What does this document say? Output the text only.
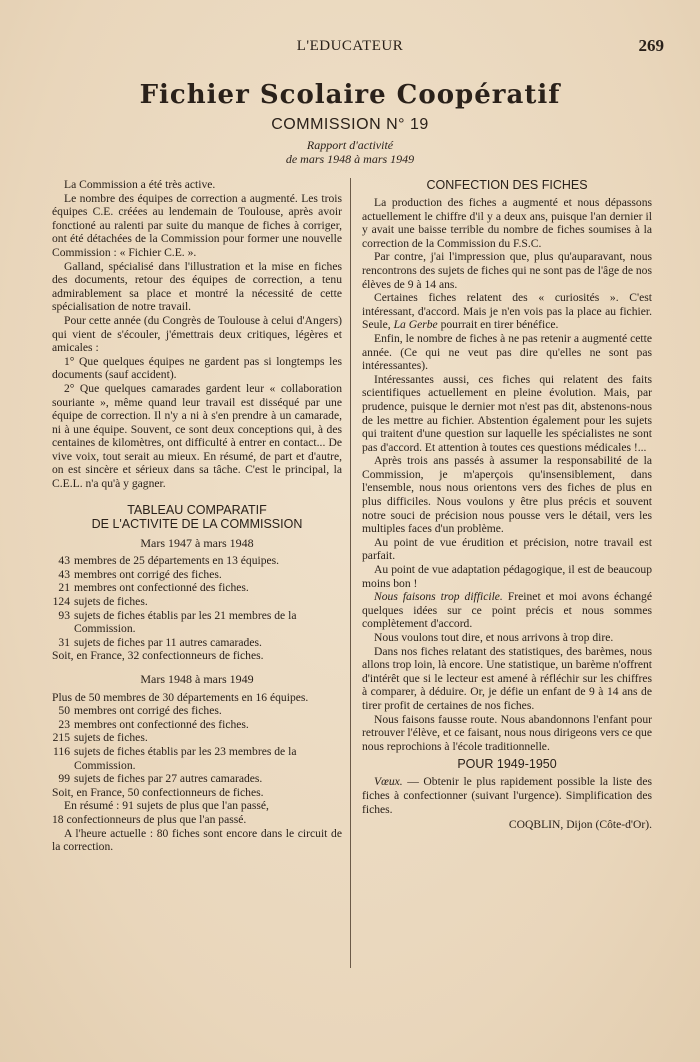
L'EDUCATEUR	269
Fichier Scolaire Coopératif
COMMISSION N° 19
Rapport d'activité
de mars 1948 à mars 1949

La Commission a été très active.

Le nombre des équipes de correction a augmenté. Les trois équipes C.E. créées au lendemain de Toulouse, après avoir fonctioné au ralenti par suite du manque de fiches à corriger, ont été détachées de la Commission pour former une nouvelle Commission : « Fichier C.E. ».

Galland, spécialisé dans l'illustration et la mise en fiches des documents, retour des équipes de correction, a tenu admirablement sa place et montré la nécessité de cette spécialisation de notre travail.

Pour cette année (du Congrès de Toulouse à celui d'Angers) qui vient de s'écouler, j'émettrais deux critiques, légères et amicales :

1° Que quelques équipes ne gardent pas si longtemps les documents (sauf accident).

2° Que quelques camarades gardent leur « collaboration souriante », même quand leur travail est disséqué par une équipe de correction. Il n'y a ni à s'en prendre à un camarade, ni à une équipe. Souvent, ce sont deux conceptions qui, à des centaines de kilomètres, ont difficulté à entrer en contact... De vive voix, tout serait au mieux. En résumé, de part et d'autre, on est sincère et sérieux dans sa tâche. C'est le principal, la C.E.L. n'a qu'à y gagner.

TABLEAU COMPARATIF
DE L'ACTIVITE DE LA COMMISSION
Mars 1947 à mars 1948
43 membres de 25 départements en 13 équipes.
43 membres ont corrigé des fiches.
21 membres ont confectionné des fiches.
124 sujets de fiches.
93 sujets de fiches établis par les 21 membres de la Commission.
31 sujets de fiches par 11 autres camarades.
Soit, en France, 32 confectionneurs de fiches.
Mars 1948 à mars 1949
Plus de 50 membres de 30 départements en 16 équipes.
50 membres ont corrigé des fiches.
23 membres ont confectionné des fiches.
215 sujets de fiches.
116 sujets de fiches établis par les 23 membres de la Commission.
99 sujets de fiches par 27 autres camarades.
Soit, en France, 50 confectionneurs de fiches.
En résumé : 91 sujets de plus que l'an passé,
18 confectionneurs de plus que l'an passé.

A l'heure actuelle : 80 fiches sont encore dans le circuit de la correction.

CONFECTION DES FICHES

La production des fiches a augmenté et nous dépassons actuellement le chiffre d'il y a deux ans, puisque l'an dernier il y avait une baisse terrible du nombre de fiches soumises à la correction de la Commission du F.S.C.

Par contre, j'ai l'impression que, plus qu'auparavant, nous rencontrons des sujets de fiches qui ne sont pas de l'âge de nos élèves de 9 à 14 ans.

Certaines fiches relatent des « curiosités ». C'est intéressant, d'accord. Mais je n'en vois pas la place au fichier. Seule, La Gerbe pourrait en tirer bénéfice.

Enfin, le nombre de fiches à ne pas retenir a augmenté cette année. (Ce qui ne veut pas dire qu'elles ne sont pas intéressantes).

Intéressantes aussi, ces fiches qui relatent des faits scientifiques actuellement en pleine évolution. Mais, par prudence, puisque le dernier mot n'est pas dit, abstenons-nous de les mettre au fichier. Abstention également pour les sujets qui traitent d'une question sur laquelle les spécialistes ne sont pas d'accord. Et attention à toutes ces questions médicales !...

Après trois ans passés à assumer la responsabilité de la Commission, je m'aperçois qu'insensiblement, dans l'ensemble, nous nous orientons vers des fiches de plus en plus difficiles. Nous voulons y être plus précis et souvent notre souci de précision nous pousse vers le détail, vers les multiples faces d'un problème.

Au point de vue érudition et précision, notre travail est parfait.

Au point de vue adaptation pédagogique, il est de beaucoup moins bon !

Nous faisons trop difficile. Freinet et moi avons échangé quelques idées sur ce point précis et nous sommes complètement d'accord.

Nous voulons tout dire, et nous arrivons à trop dire.

Dans nos fiches relatant des statistiques, des barèmes, nous allons trop loin, là encore. Une statistique, un barème n'offrent d'intérêt que si le lecteur est amené à réfléchir sur les chiffres à comparer, à déduire. Or, je défie un enfant de 9 à 14 ans de tirer profit de certaines de nos fiches.

Nous faisons fausse route. Nous abandonnons l'enfant pour retrouver l'élève, et ce faisant, nous nous dirigeons vers ce que nous reprochions à l'école traditionnelle.

POUR 1949-1950

Vœux. — Obtenir le plus rapidement possible la liste des fiches à confectionner (suivant l'urgence). Simplification des fiches.

COQBLIN, Dijon (Côte-d'Or).
